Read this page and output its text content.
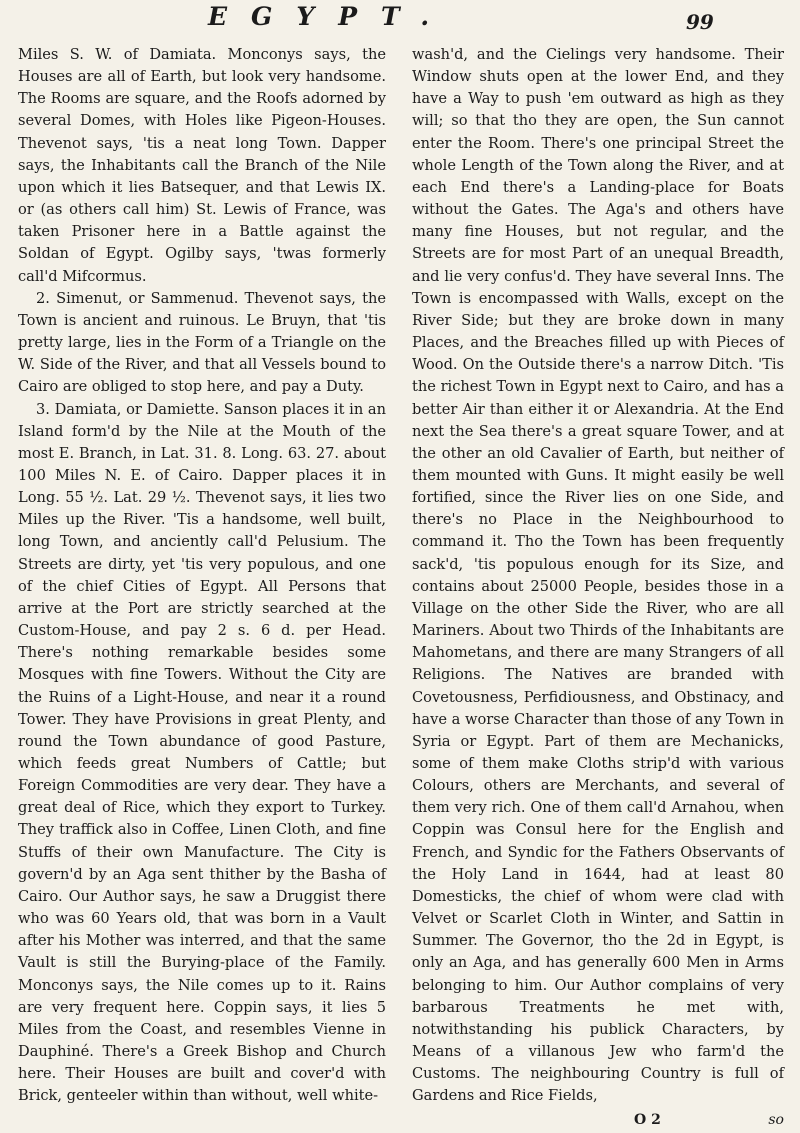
EGYPT.	99

Miles S. W. of Damiata. Monconys says, the Houses are all of Earth, but look very handsome. The Rooms are square, and the Roofs adorned by several Domes, with Holes like Pigeon-Houses. Thevenot says, 'tis a neat long Town. Dapper says, the Inhabitants call the Branch of the Nile upon which it lies Batsequer, and that Lewis IX. or (as others call him) St. Lewis of France, was taken Prisoner here in a Battle against the Soldan of Egypt. Ogilby says, 'twas formerly call'd Mifcormus.

2. Simenut, or Sammenud. Thevenot says, the Town is ancient and ruinous. Le Bruyn, that 'tis pretty large, lies in the Form of a Triangle on the W. Side of the River, and that all Vessels bound to Cairo are obliged to stop here, and pay a Duty.

3. Damiata, or Damiette. Sanson places it in an Island form'd by the Nile at the Mouth of the most E. Branch, in Lat. 31. 8. Long. 63. 27. about 100 Miles N. E. of Cairo. Dapper places it in Long. 55 ½. Lat. 29 ½. Thevenot says, it lies two Miles up the River. 'Tis a handsome, well built, long Town, and anciently call'd Pelusium. The Streets are dirty, yet 'tis very populous, and one of the chief Cities of Egypt. All Persons that arrive at the Port are strictly searched at the Custom-House, and pay 2 s. 6 d. per Head. There's nothing remarkable besides some Mosques with fine Towers. Without the City are the Ruins of a Light-House, and near it a round Tower. They have Provisions in great Plenty, and round the Town abundance of good Pasture, which feeds great Numbers of Cattle; but Foreign Commodities are very dear. They have a great deal of Rice, which they export to Turkey. They traffick also in Coffee, Linen Cloth, and fine Stuffs of their own Manufacture. The City is govern'd by an Aga sent thither by the Basha of Cairo. Our Author says, he saw a Druggist there who was 60 Years old, that was born in a Vault after his Mother was interred, and that the same Vault is still the Burying-place of the Family. Monconys says, the Nile comes up to it. Rains are very frequent here. Coppin says, it lies 5 Miles from the Coast, and resembles Vienne in Dauphiné. There's a Greek Bishop and Church here. Their Houses are built and cover'd with Brick, genteeler within than without, well white-

wash'd, and the Cielings very handsome. Their Window shuts open at the lower End, and they have a Way to push 'em outward as high as they will; so that tho they are open, the Sun cannot enter the Room. There's one principal Street the whole Length of the Town along the River, and at each End there's a Landing-place for Boats without the Gates. The Aga's and others have many fine Houses, but not regular, and the Streets are for most Part of an unequal Breadth, and lie very confus'd. They have several Inns. The Town is encompassed with Walls, except on the River Side; but they are broke down in many Places, and the Breaches filled up with Pieces of Wood. On the Outside there's a narrow Ditch. 'Tis the richest Town in Egypt next to Cairo, and has a better Air than either it or Alexandria. At the End next the Sea there's a great square Tower, and at the other an old Cavalier of Earth, but neither of them mounted with Guns. It might easily be well fortified, since the River lies on one Side, and there's no Place in the Neighbourhood to command it. Tho the Town has been frequently sack'd, 'tis populous enough for its Size, and contains about 25000 People, besides those in a Village on the other Side the River, who are all Mariners. About two Thirds of the Inhabitants are Mahometans, and there are many Strangers of all Religions. The Natives are branded with Covetousness, Perfidiousness, and Obstinacy, and have a worse Character than those of any Town in Syria or Egypt. Part of them are Mechanicks, some of them make Cloths strip'd with various Colours, others are Merchants, and several of them very rich. One of them call'd Arnahou, when Coppin was Consul here for the English and French, and Syndic for the Fathers Observants of the Holy Land in 1644, had at least 80 Domesticks, the chief of whom were clad with Velvet or Scarlet Cloth in Winter, and Sattin in Summer. The Governor, tho the 2d in Egypt, is only an Aga, and has generally 600 Men in Arms belonging to him. Our Author complains of very barbarous Treatments he met with, notwithstanding his publick Characters, by Means of a villanous Jew who farm'd the Customs. The neighbouring Country is full of Gardens and Rice Fields,

O 2	so
